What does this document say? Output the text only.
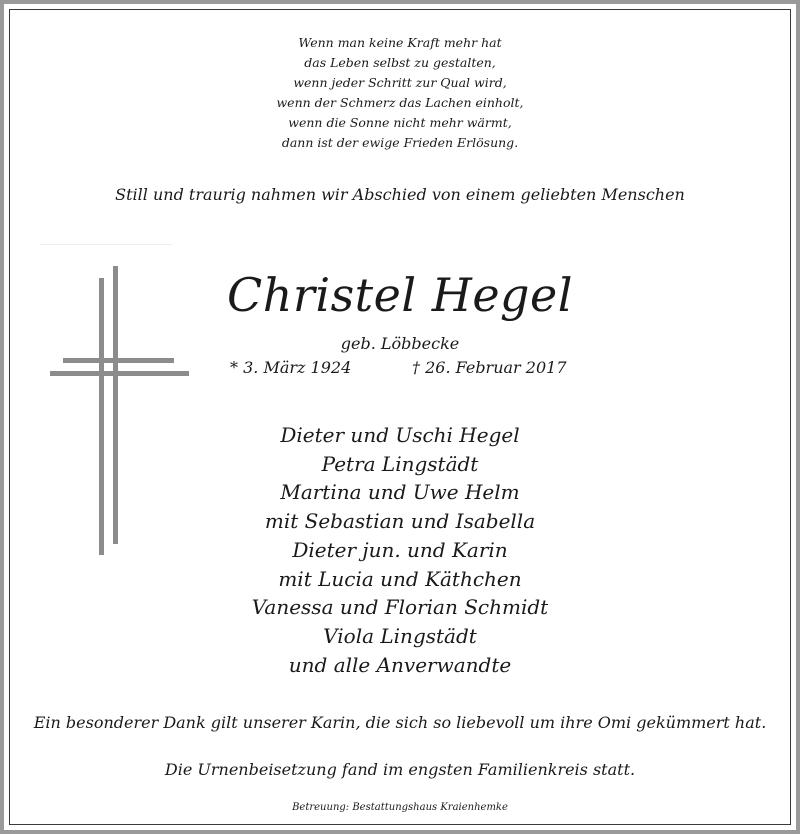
Wenn man keine Kraft mehr hat
das Leben selbst zu gestalten,
wenn jeder Schritt zur Qual wird,
wenn der Schmerz das Lachen einholt,
wenn die Sonne nicht mehr wärmt,
dann ist der ewige Frieden Erlösung.
Still und traurig nahmen wir Abschied von einem geliebten Menschen
Christel Hegel
geb. Löbbecke
* 3. März 1924	† 26. Februar 2017
Dieter und Uschi Hegel
Petra Lingstädt
Martina und Uwe Helm
mit Sebastian und Isabella
Dieter jun. und Karin
mit Lucia und Käthchen
Vanessa und Florian Schmidt
Viola Lingstädt
und alle Anverwandte
Ein besonderer Dank gilt unserer Karin, die sich so liebevoll um ihre Omi gekümmert hat.
Die Urnenbeisetzung fand im engsten Familienkreis statt.
Betreuung: Bestattungshaus Kraienhemke
